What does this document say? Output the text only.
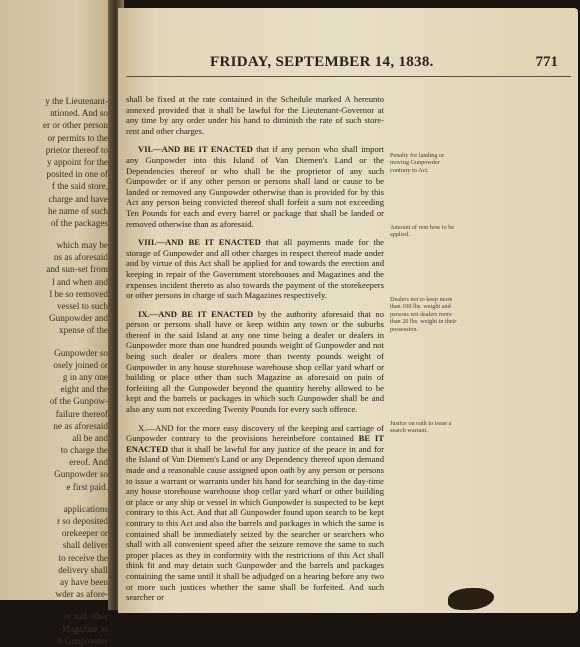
y the Lieutenant-
ntioned. And so
er or other person
or permits to the
prietor thereof to
y appoint for the
posited in one of
f the said store,
charge and have
he name of such
of the packages
which may be
ns as aforesaid
and sun-set from
l and when and
l be so removed
vessel to such
Gunpowder and
xpense of the
Gunpowder so
osely joined or
g in any one
eight and the
of the Gunpow-
failure thereof
ne as aforesaid
all be and
to charge the
ereof. And
Gunpowder so
e first paid.
applications
r so deposited
orekeeper or
shall deliver
to receive the
delivery shall
ay have been
wder as afore-
ot and other
Magazine as
h Gunpowder
FRIDAY, SEPTEMBER 14, 1838.	771

shall be fixed at the rate contained in the Schedule marked A hereunto annexed provided that it shall be lawful for the Lieutenant-Governor at any time by any order under his hand to diminish the rate of such store-rent and other charges.

VII.—AND BE IT ENACTED that if any person who shall import any Gunpowder into this Island of Van Diemen's Land or the Dependencies thereof or who shall be the proprietor of any such Gunpowder or if any other person or persons shall land or cause to be landed or removed any Gunpowder otherwise than is provided for by this Act any person being convicted thereof shall forfeit a sum not exceeding Ten Pounds for each and every barrel or package that shall be landed or removed otherwise than as aforesaid.

VIII.—AND BE IT ENACTED that all payments made for the storage of Gunpowder and all other charges in respect thereof made under and by virtue of this Act shall be applied for and towards the erection and keeping in repair of the Government storehouses and Magazines and the expenses incident thereto as also towards the payment of the storekeepers or other persons in charge of such Magazines respectively.

IX.—AND BE IT ENACTED by the authority aforesaid that no person or persons shall have or keep within any town or the suburbs thereof in the said Island at any one time being a dealer or dealers in Gunpowder more than one hundred pounds weight of Gunpowder and not being such dealer or dealers more than twenty pounds weight of Gunpowder in any house storehouse warehouse shop cellar yard wharf or building or place other than such Magazine as aforesaid on pain of forfeiting all the Gunpowder beyond the quantity hereby allowed to be kept and the barrels or packages in which such Gunpowder shall be and also any sum not exceeding Twenty Pounds for every such offence.

X.—AND for the more easy discovery of the keeping and carriage of Gunpowder contrary to the provisions hereinbefore contained BE IT ENACTED that it shall be lawful for any justice of the peace in and for the Island of Van Diemen's Land or any Dependency thereof upon demand made and a reasonable cause assigned upon oath by any person or persons to issue a warrant or warrants under his hand for searching in the day-time any house storehouse warehouse shop cellar yard wharf or other building or place or any ship or vessel in which Gunpowder is suspected to be kept contrary to this Act. And that all Gunpowder found upon search to be kept contrary to this Act and also the barrels and packages in which the same is contained shall be immediately seized by the searcher or searchers who shall with all convenient speed after the seizure remove the same to such proper places as they in conformity with the restrictions of this Act shall think fit and may detain such Gunpowder and the barrels and packages containing the same until it shall be adjudged on a hearing before any two or more such justices whether the same shall be forfeited. And such searcher or

Penalty for landing or moving Gunpowder contrary to Act.
Amount of rent how to be applied.
Dealers not to keep more than 100 lbs. weight and persons not dealers more than 20 lbs. weight in their possession.
Justice on oath to issue a search warrant.
